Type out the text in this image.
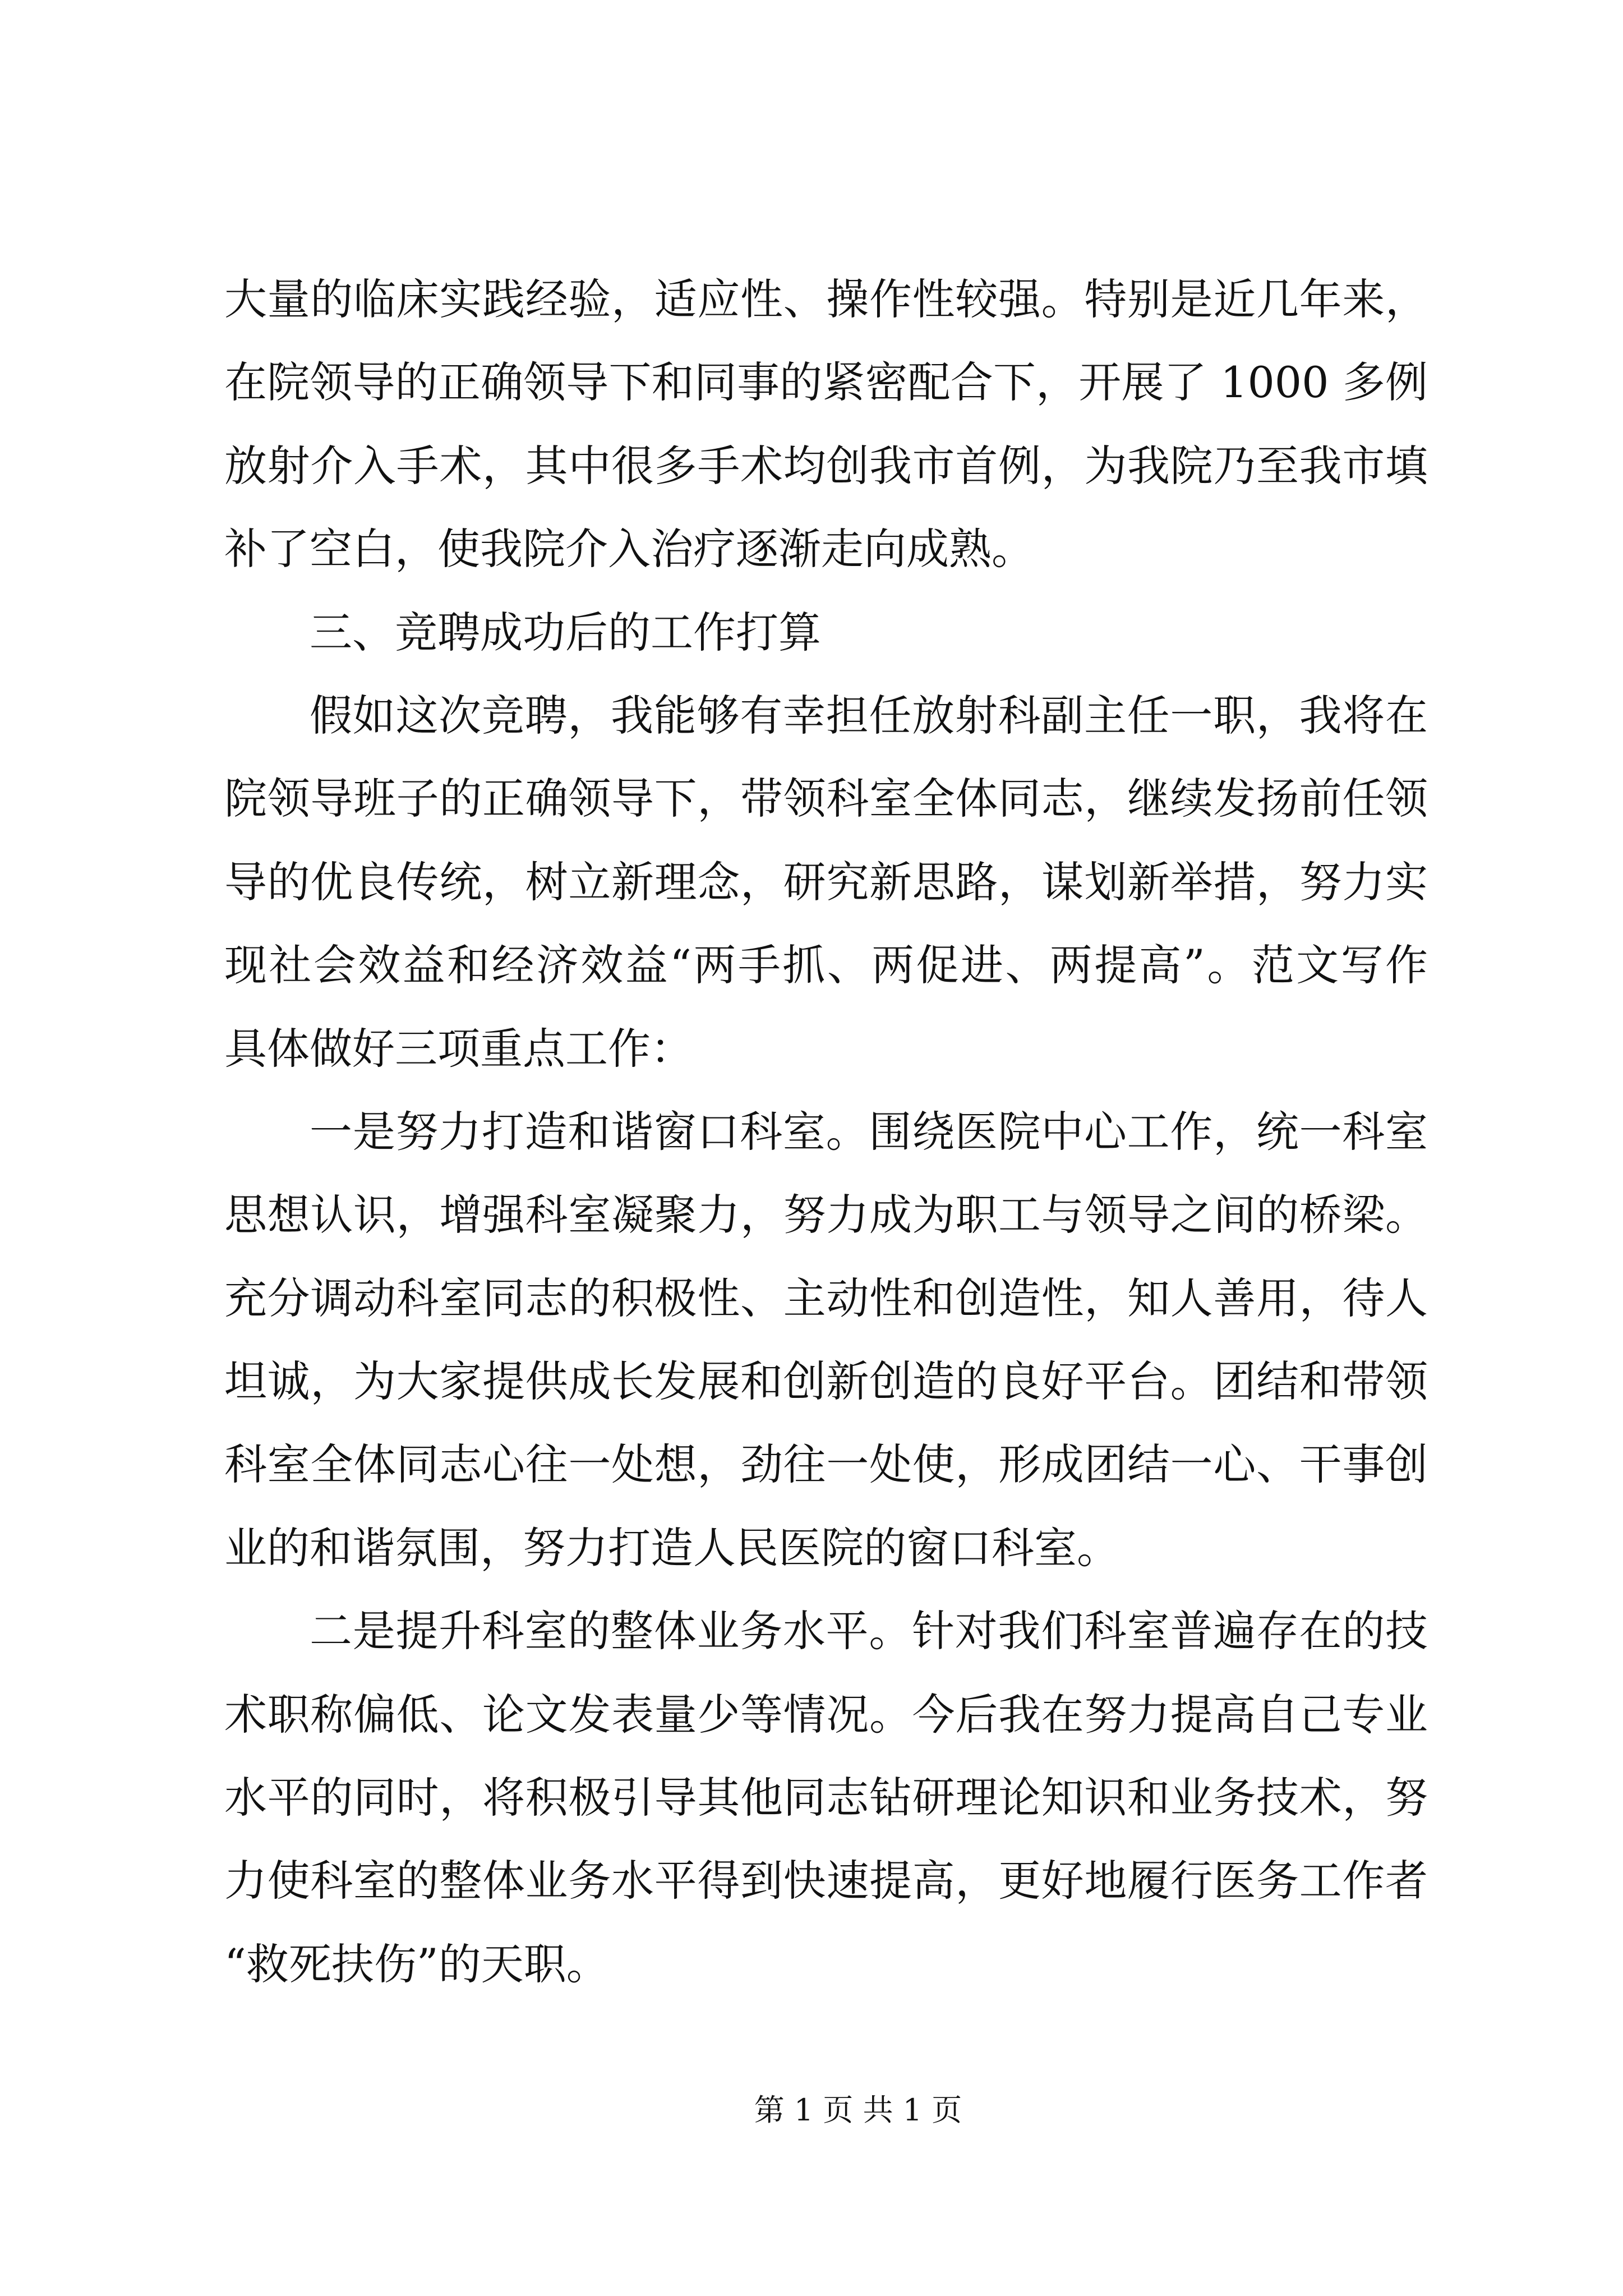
大量的临床实践经验，适应性、操作性较强。特别是近几年来，
在院领导的正确领导下和同事的紧密配合下，开展了 1000 多例
放射介入手术，其中很多手术均创我市首例，为我院乃至我市填
补了空白，使我院介入治疗逐渐走向成熟。
三、竞聘成功后的工作打算
假如这次竞聘，我能够有幸担任放射科副主任一职，我将在
院领导班子的正确领导下，带领科室全体同志，继续发扬前任领
导的优良传统，树立新理念，研究新思路，谋划新举措，努力实
现社会效益和经济效益“两手抓、两促进、两提高”。范文写作
具体做好三项重点工作：
一是努力打造和谐窗口科室。围绕医院中心工作，统一科室
思想认识，增强科室凝聚力，努力成为职工与领导之间的桥梁。
充分调动科室同志的积极性、主动性和创造性，知人善用，待人
坦诚，为大家提供成长发展和创新创造的良好平台。团结和带领
科室全体同志心往一处想，劲往一处使，形成团结一心、干事创
业的和谐氛围，努力打造人民医院的窗口科室。
二是提升科室的整体业务水平。针对我们科室普遍存在的技
术职称偏低、论文发表量少等情况。今后我在努力提高自己专业
水平的同时，将积极引导其他同志钻研理论知识和业务技术，努
力使科室的整体业务水平得到快速提高，更好地履行医务工作者
“救死扶伤”的天职。
第 1 页 共 1 页
